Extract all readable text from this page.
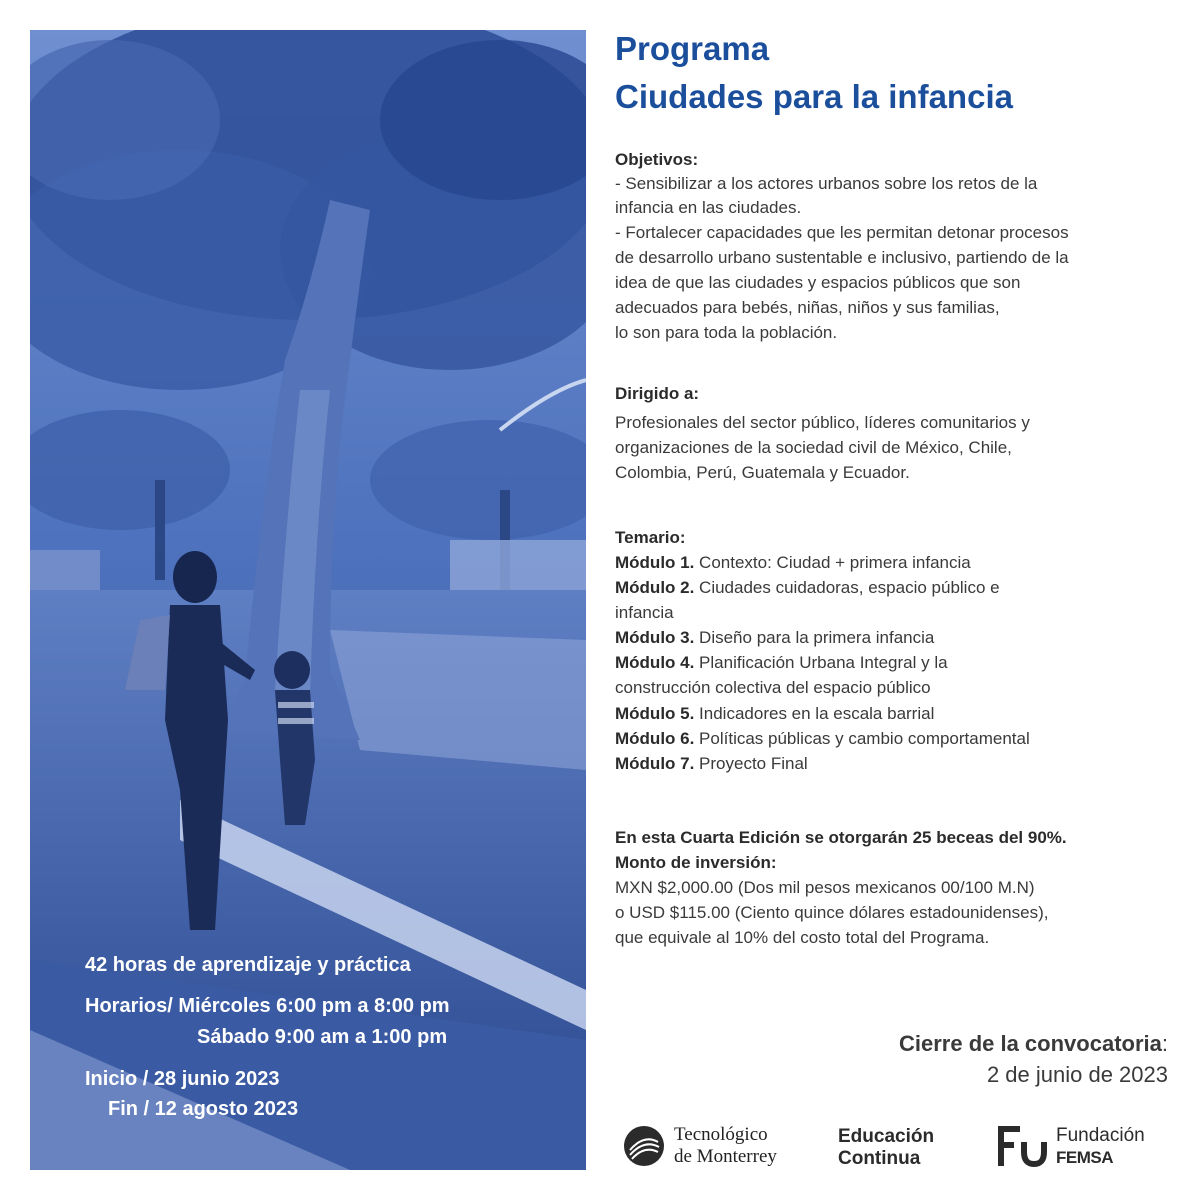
42 horas de aprendizaje y práctica
Horarios/ Miércoles 6:00 pm a 8:00 pm
Sábado 9:00 am a 1:00 pm
Inicio / 28 junio 2023
Fin / 12 agosto 2023
Programa
Ciudades para la infancia
Objetivos:
- Sensibilizar a los actores urbanos sobre los retos de la
infancia en las ciudades.
- Fortalecer capacidades que les permitan detonar procesos
de desarrollo urbano sustentable e inclusivo, partiendo de la
idea de que las ciudades y espacios públicos que son
adecuados para bebés, niñas, niños y sus familias,
lo son para toda la población.
Dirigido a:
Profesionales del sector público, líderes comunitarios y
organizaciones de la sociedad civil de México, Chile,
Colombia, Perú, Guatemala y Ecuador.
Temario:
Módulo 1. Contexto: Ciudad + primera infancia
Módulo 2. Ciudades cuidadoras, espacio público e
infancia
Módulo 3. Diseño para la primera infancia
Módulo 4. Planificación Urbana Integral y la
construcción colectiva del espacio público
Módulo 5. Indicadores en la escala barrial
Módulo 6. Políticas públicas y cambio comportamental
Módulo 7. Proyecto Final
En esta Cuarta Edición se otorgarán 25 beceas del 90%.
Monto de inversión:
MXN $2,000.00 (Dos mil pesos mexicanos 00/100 M.N)
o USD $115.00 (Ciento quince dólares estadounidenses),
que equivale al 10% del costo total del Programa.
Cierre de la convocatoria:
2 de junio de 2023
Tecnológico
de Monterrey
Educación
Continua
Fundación
FEMSA
